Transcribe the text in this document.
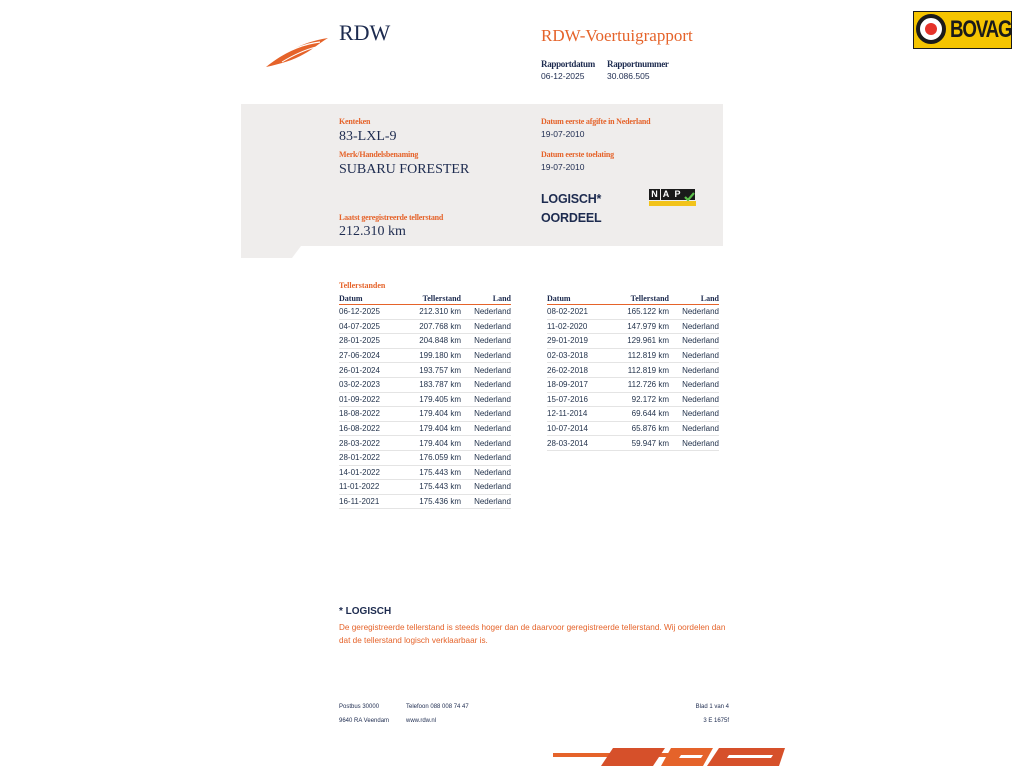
RDW	RDW-Voertuigrapport
Rapportdatum
06-12-2025
Rapportnummer
30.086.505
BOVAG
Kenteken
83-LXL-9
Merk/Handelsbenaming
SUBARU FORESTER
Datum eerste afgifte in Nederland
19-07-2010
Datum eerste toelating
19-07-2010
LOGISCH*
OORDEEL
N A P
Laatst geregistreerde tellerstand
212.310 km
Tellerstanden
Datum	Tellerstand	Land
06-12-2025	212.310 km	Nederland
04-07-2025	207.768 km	Nederland
28-01-2025	204.848 km	Nederland
27-06-2024	199.180 km	Nederland
26-01-2024	193.757 km	Nederland
03-02-2023	183.787 km	Nederland
01-09-2022	179.405 km	Nederland
18-08-2022	179.404 km	Nederland
16-08-2022	179.404 km	Nederland
28-03-2022	179.404 km	Nederland
28-01-2022	176.059 km	Nederland
14-01-2022	175.443 km	Nederland
11-01-2022	175.443 km	Nederland
16-11-2021	175.436 km	Nederland
Datum	Tellerstand	Land
08-02-2021	165.122 km	Nederland
11-02-2020	147.979 km	Nederland
29-01-2019	129.961 km	Nederland
02-03-2018	112.819 km	Nederland
26-02-2018	112.819 km	Nederland
18-09-2017	112.726 km	Nederland
15-07-2016	92.172 km	Nederland
12-11-2014	69.644 km	Nederland
10-07-2014	65.876 km	Nederland
28-03-2014	59.947 km	Nederland
* LOGISCH
De geregistreerde tellerstand is steeds hoger dan de daarvoor geregistreerde tellerstand. Wij oordelen dan dat de tellerstand logisch verklaarbaar is.
Postbus 30000
9640 RA Veendam
Telefoon 088 008 74 47
www.rdw.nl
Blad 1 van 4
3 E 1675f
